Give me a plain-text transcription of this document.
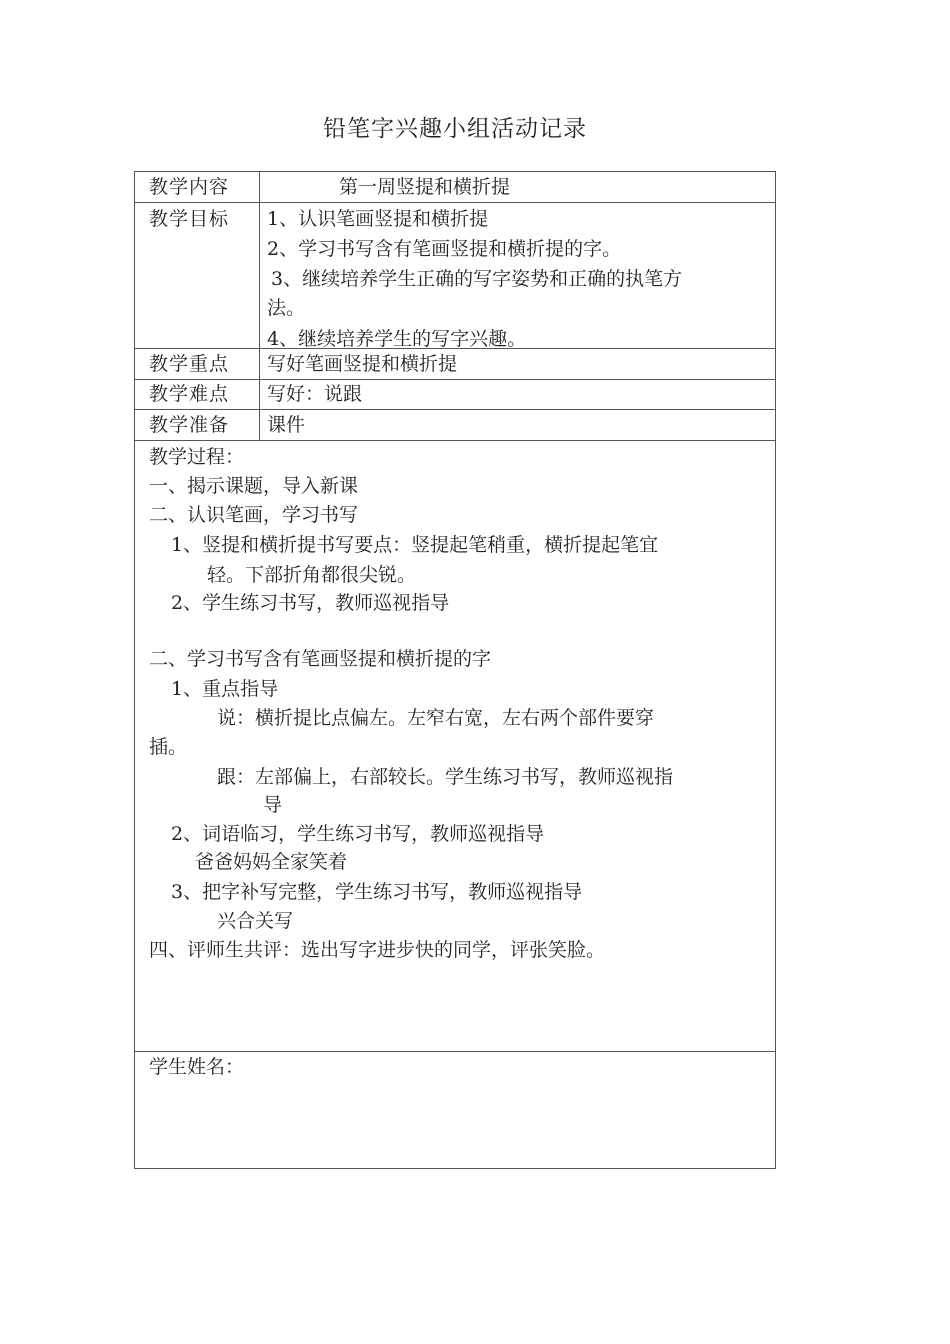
铅笔字兴趣小组活动记录
教学内容	第一周竖提和横折提
教学目标 1、认识笔画竖提和横折提
2、学习书写含有笔画竖提和横折提的字。
3、继续培养学生正确的写字姿势和正确的执笔方
法。
4、继续培养学生的写字兴趣。
教学重点 写好笔画竖提和横折提
教学难点 写好：说跟
教学准备 课件
教学过程：
一、揭示课题，导入新课
二、认识笔画，学习书写
1、竖提和横折提书写要点：竖提起笔稍重，横折提起笔宜
轻。下部折角都很尖锐。
2、学生练习书写，教师巡视指导
二、学习书写含有笔画竖提和横折提的字
1、重点指导
说：横折提比点偏左。左窄右宽，左右两个部件要穿
插。
跟：左部偏上，右部较长。学生练习书写，教师巡视指
导
2、词语临习，学生练习书写，教师巡视指导
爸爸妈妈全家笑着
3、把字补写完整，学生练习书写，教师巡视指导
兴合关写
四、评师生共评：选出写字进步快的同学，评张笑脸。
学生姓名：
